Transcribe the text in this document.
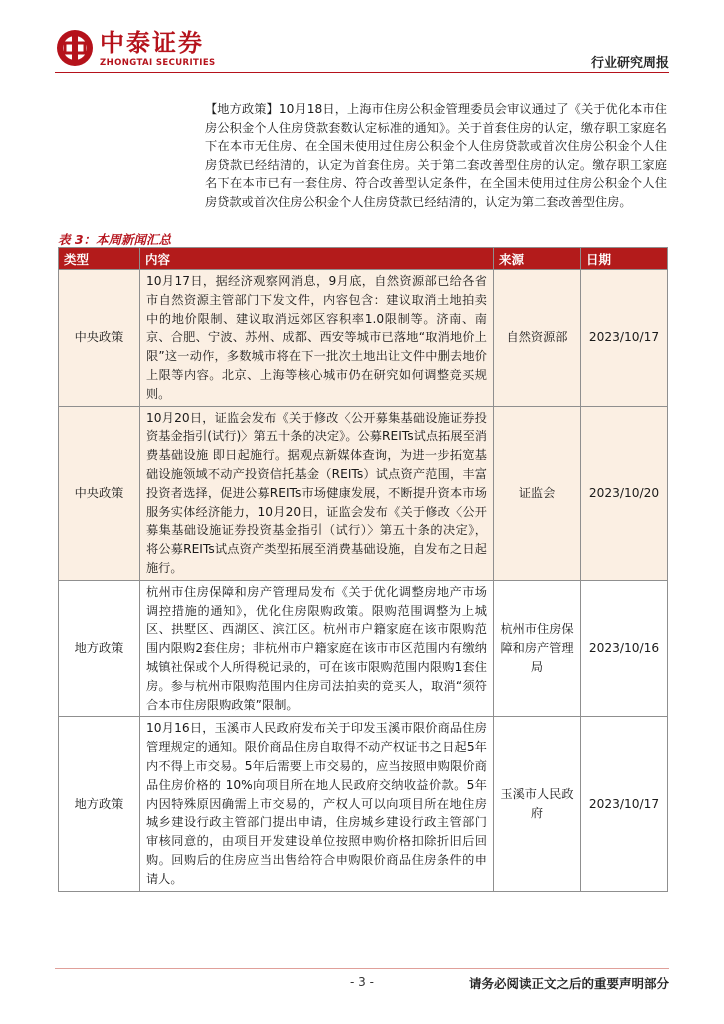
中泰证券
ZHONGTAI SECURITIES	行业研究周报

【地方政策】10月18日，上海市住房公积金管理委员会审议通过了《关于优化本市住房公积金个人住房贷款套数认定标准的通知》。关于首套住房的认定，缴存职工家庭名下在本市无住房、在全国未使用过住房公积金个人住房贷款或首次住房公积金个人住房贷款已经结清的，认定为首套住房。关于第二套改善型住房的认定。缴存职工家庭名下在本市已有一套住房、符合改善型认定条件，在全国未使用过住房公积金个人住房贷款或首次住房公积金个人住房贷款已经结清的，认定为第二套改善型住房。

表 3：本周新闻汇总
类型	内容	来源	日期
中央政策	10月17日，据经济观察网消息，9月底，自然资源部已给各省市自然资源主管部门下发文件，内容包含：建议取消土地拍卖中的地价限制、建议取消远郊区容积率1.0限制等。济南、南京、合肥、宁波、苏州、成都、西安等城市已落地“取消地价上限”这一动作，多数城市将在下一批次土地出让文件中删去地价上限等内容。北京、上海等核心城市仍在研究如何调整竞买规则。	自然资源部	2023/10/17
中央政策	10月20日，证监会发布《关于修改〈公开募集基础设施证券投资基金指引(试行)〉第五十条的决定》。公募REITs试点拓展至消费基础设施 即日起施行。据观点新媒体查询，为进一步拓宽基础设施领域不动产投资信托基金（REITs）试点资产范围，丰富投资者选择，促进公募REITs市场健康发展，不断提升资本市场服务实体经济能力，10月20日，证监会发布《关于修改〈公开募集基础设施证券投资基金指引（试行）〉第五十条的决定》，将公募REITs试点资产类型拓展至消费基础设施，自发布之日起施行。	证监会	2023/10/20
地方政策	杭州市住房保障和房产管理局发布《关于优化调整房地产市场调控措施的通知》，优化住房限购政策。限购范围调整为上城区、拱墅区、西湖区、滨江区。杭州市户籍家庭在该市限购范围内限购2套住房；非杭州市户籍家庭在该市市区范围内有缴纳城镇社保或个人所得税记录的，可在该市限购范围内限购1套住房。参与杭州市限购范围内住房司法拍卖的竞买人，取消“须符合本市住房限购政策”限制。	杭州市住房保障和房产管理局	2023/10/16
地方政策	10月16日，玉溪市人民政府发布关于印发玉溪市限价商品住房管理规定的通知。限价商品住房自取得不动产权证书之日起5年内不得上市交易。5年后需要上市交易的，应当按照申购限价商品住房价格的 10%向项目所在地人民政府交纳收益价款。5年内因特殊原因确需上市交易的，产权人可以向项目所在地住房城乡建设行政主管部门提出申请，住房城乡建设行政主管部门审核同意的，由项目开发建设单位按照申购价格扣除折旧后回购。回购后的住房应当出售给符合申购限价商品住房条件的申请人。	玉溪市人民政府	2023/10/17
- 3 -	请务必阅读正文之后的重要声明部分
